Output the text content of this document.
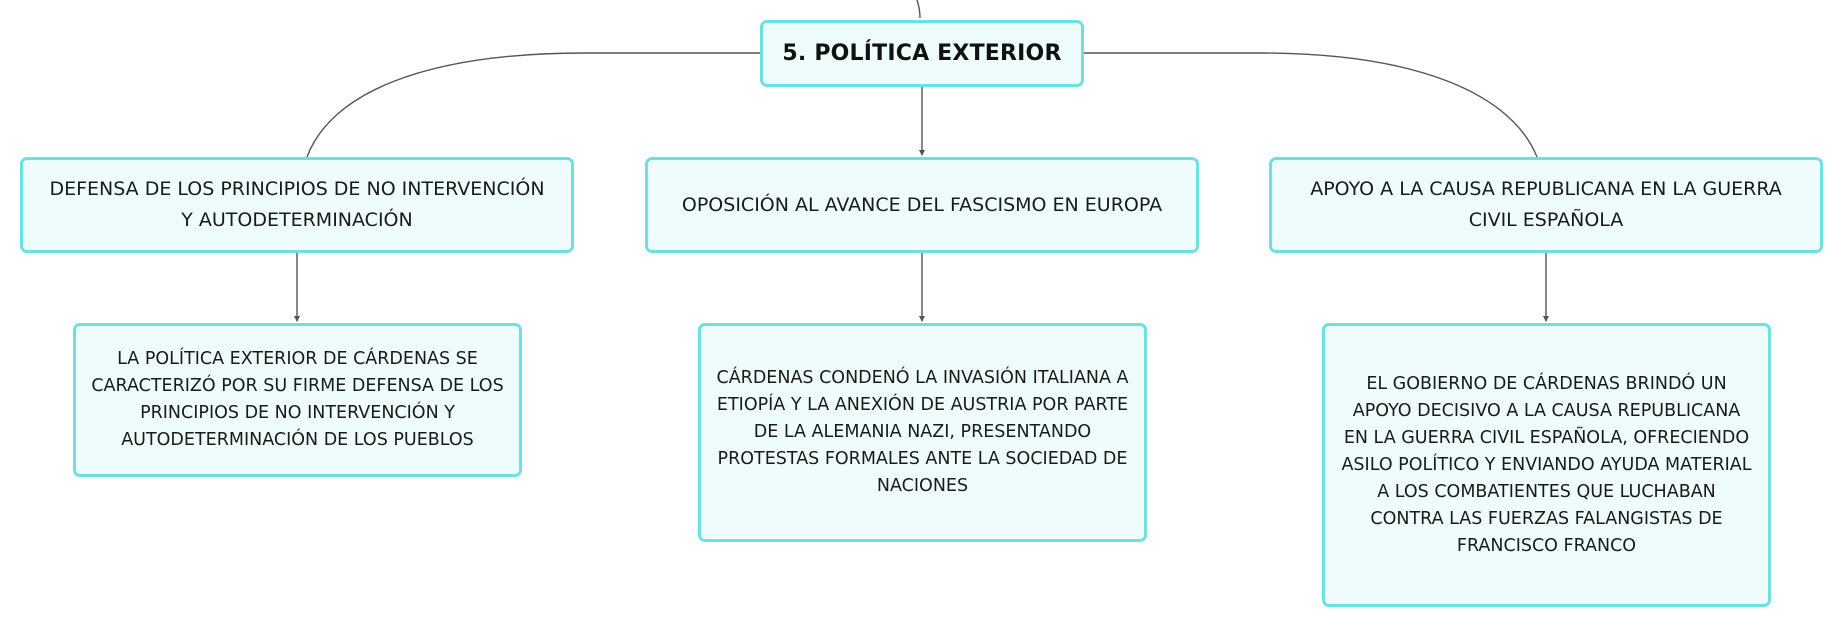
5. POLÍTICA EXTERIOR
DEFENSA DE LOS PRINCIPIOS DE NO INTERVENCIÓN Y AUTODETERMINACIÓN
OPOSICIÓN AL AVANCE DEL FASCISMO EN EUROPA
APOYO A LA CAUSA REPUBLICANA EN LA GUERRA CIVIL ESPAÑOLA
LA POLÍTICA EXTERIOR DE CÁRDENAS SE CARACTERIZÓ POR SU FIRME DEFENSA DE LOS PRINCIPIOS DE NO INTERVENCIÓN Y AUTODETERMINACIÓN DE LOS PUEBLOS
CÁRDENAS CONDENÓ LA INVASIÓN ITALIANA A ETIOPÍA Y LA ANEXIÓN DE AUSTRIA POR PARTE DE LA ALEMANIA NAZI, PRESENTANDO PROTESTAS FORMALES ANTE LA SOCIEDAD DE NACIONES
EL GOBIERNO DE CÁRDENAS BRINDÓ UN APOYO DECISIVO A LA CAUSA REPUBLICANA EN LA GUERRA CIVIL ESPAÑOLA, OFRECIENDO ASILO POLÍTICO Y ENVIANDO AYUDA MATERIAL A LOS COMBATIENTES QUE LUCHABAN CONTRA LAS FUERZAS FALANGISTAS DE FRANCISCO FRANCO
